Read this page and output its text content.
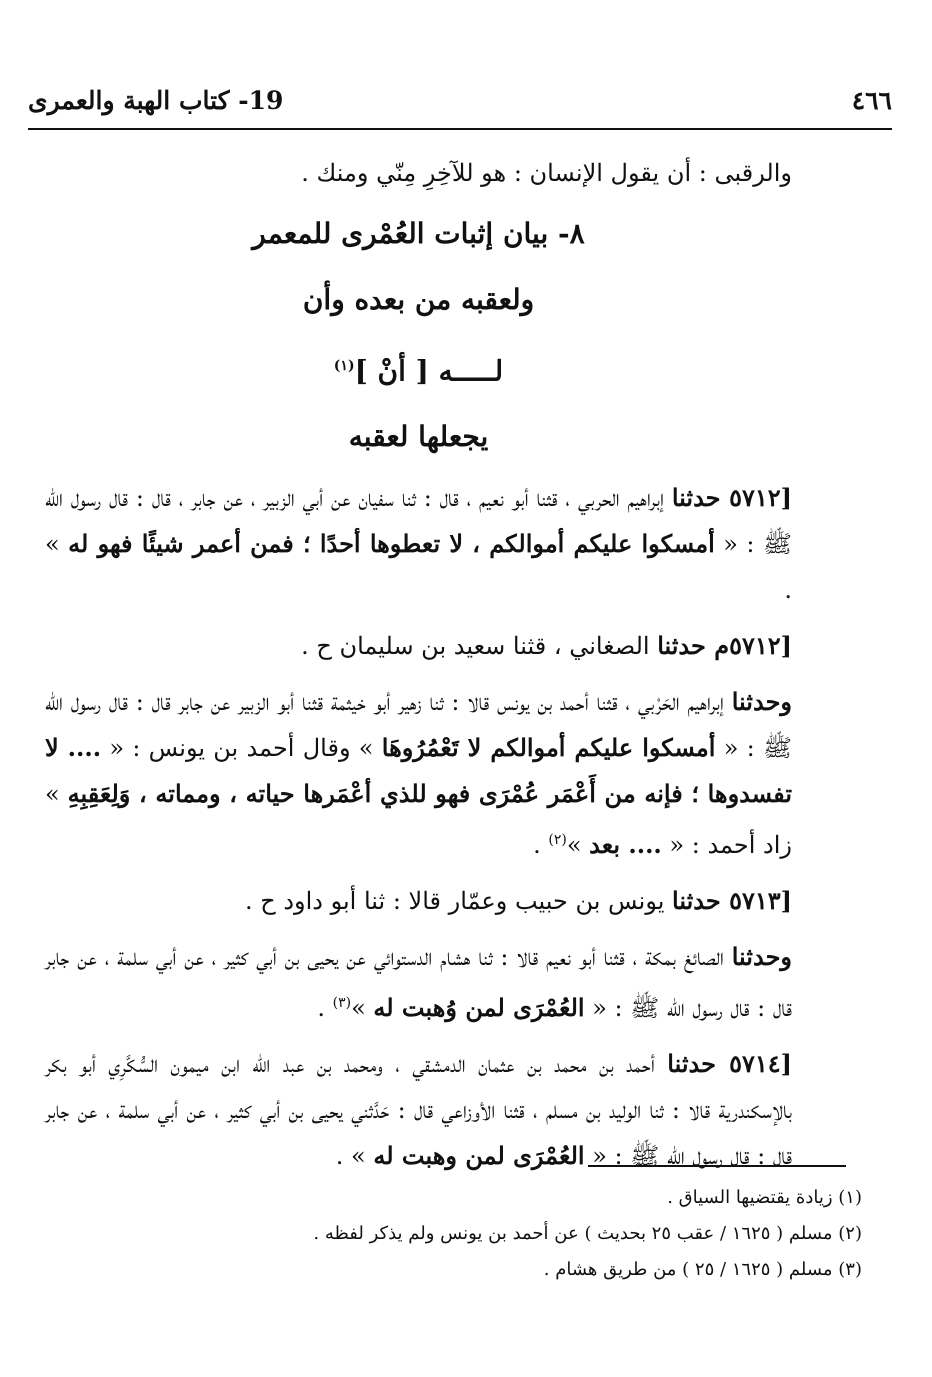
19- كتاب الهبة والعمرى	٤٦٦

والرقبى : أن يقول الإنسان : هو للآخِرِ مِنّي ومنك .

٨- بيان إثبات العُمْرى للمعمر

ولعقبه من بعده وأن

لـــــه [ أنْ ]$^{(١)}$

يجعلها لعقبه

[٥٧١٢ حدثنا إبراهيم الحربي ، قثنا أبو نعيم ، قال : ثنا سفيان عن أبي الزبير ، عن جابر ، قال : قال رسول الله ﷺ : « أمسكوا عليكم أموالكم ، لا تعطوها أحدًا ؛ فمن أعمر شيئًا فهو له » .

[٥٧١٢م حدثنا الصغاني ، قثنا سعيد بن سليمان ح .

وحدثنا إبراهيم الحَرْبي ، قثنا أحمد بن يونس قالا : ثنا زهير أبو خيثمة قثنا أبو الزبير عن جابر قال : قال رسول الله ﷺ : « أمسكوا عليكم أموالكم لا تَعْمُرُوهَا » وقال أحمد بن يونس : « .... لا تفسدوها ؛ فإنه من أَعْمَر عُمْرَى فهو للذي أعْمَرها حياته ، ومماته ، وَلِعَقِبِهِ » زاد أحمد : « .... بعد »$^{(٢)}$ .

[٥٧١٣ حدثنا يونس بن حبيب وعمّار قالا : ثنا أبو داود ح .

وحدثنا الصائغ بمكة ، قثنا أبو نعيم قالا : ثنا هشام الدستوائي عن يحيى بن أبي كثير ، عن أبي سلمة ، عن جابر قال : قال رسول الله ﷺ : « العُمْرَى لمن وُهبت له »$^{(٣)}$ .

[٥٧١٤ حدثنا أحمد بن محمد بن عثمان الدمشقي ، ومحمد بن عبد الله ابن ميمون السُّكَّرِي أبو بكر بالإسكندرية قالا : ثنا الوليد بن مسلم ، قثنا الأوزاعي قال : حَدَّثني يحيى بن أبي كثير ، عن أبي سلمة ، عن جابر قال : قال رسول الله ﷺ : « العُمْرَى لمن وهبت له » .

(١) زيادة يقتضيها السياق .
(٢) مسلم ( ١٦٢٥ / عقب ٢٥ بحديث ) عن أحمد بن يونس ولم يذكر لفظه .
(٣) مسلم ( ١٦٢٥ / ٢٥ ) من طريق هشام .
